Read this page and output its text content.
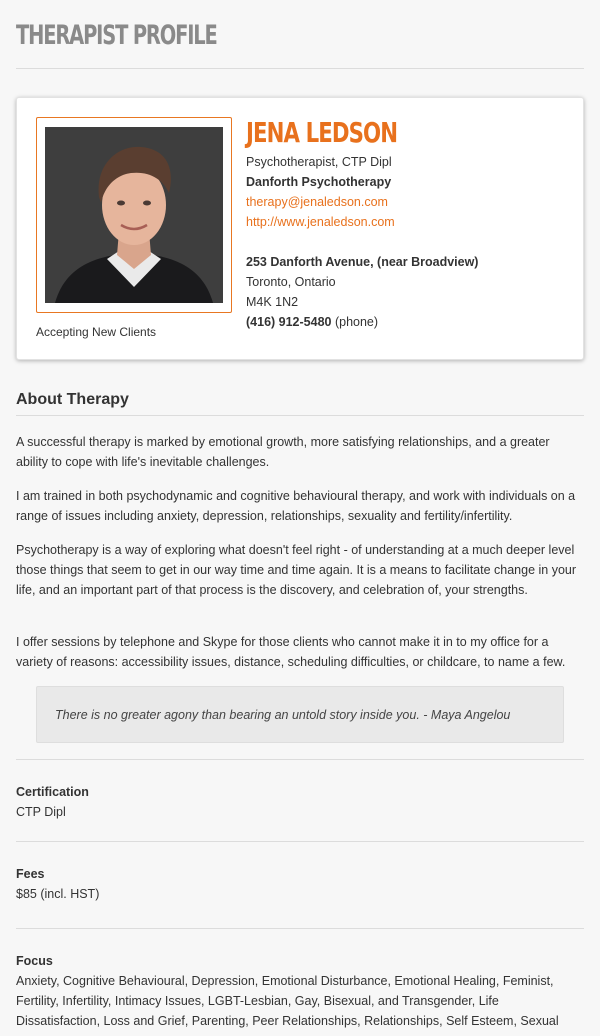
THERAPIST PROFILE
Accepting New Clients
JENA LEDSON
Psychotherapist, CTP Dipl
Danforth Psychotherapy
therapy@jenaledson.com
http://www.jenaledson.com
253 Danforth Avenue, (near Broadview)
Toronto, Ontario
M4K 1N2
(416) 912-5480 (phone)
About Therapy

A successful therapy is marked by emotional growth, more satisfying relationships, and a greater ability to cope with life's inevitable challenges.

I am trained in both psychodynamic and cognitive behavioural therapy, and work with individuals on a range of issues including anxiety, depression, relationships, sexuality and fertility/infertility.

Psychotherapy is a way of exploring what doesn't feel right - of understanding at a much deeper level those things that seem to get in our way time and time again. It is a means to facilitate change in your life, and an important part of that process is the discovery, and celebration of, your strengths.

I offer sessions by telephone and Skype for those clients who cannot make it in to my office for a variety of reasons: accessibility issues, distance, scheduling difficulties, or childcare, to name a few.

There is no greater agony than bearing an untold story inside you. - Maya Angelou
Certification
CTP Dipl
Fees
$85 (incl. HST)
Focus
Anxiety, Cognitive Behavioural, Depression, Emotional Disturbance, Emotional Healing, Feminist, Fertility, Infertility, Intimacy Issues, LGBT-Lesbian, Gay, Bisexual, and Transgender, Life Dissatisfaction, Loss and Grief, Parenting, Peer Relationships, Relationships, Self Esteem, Sexual
